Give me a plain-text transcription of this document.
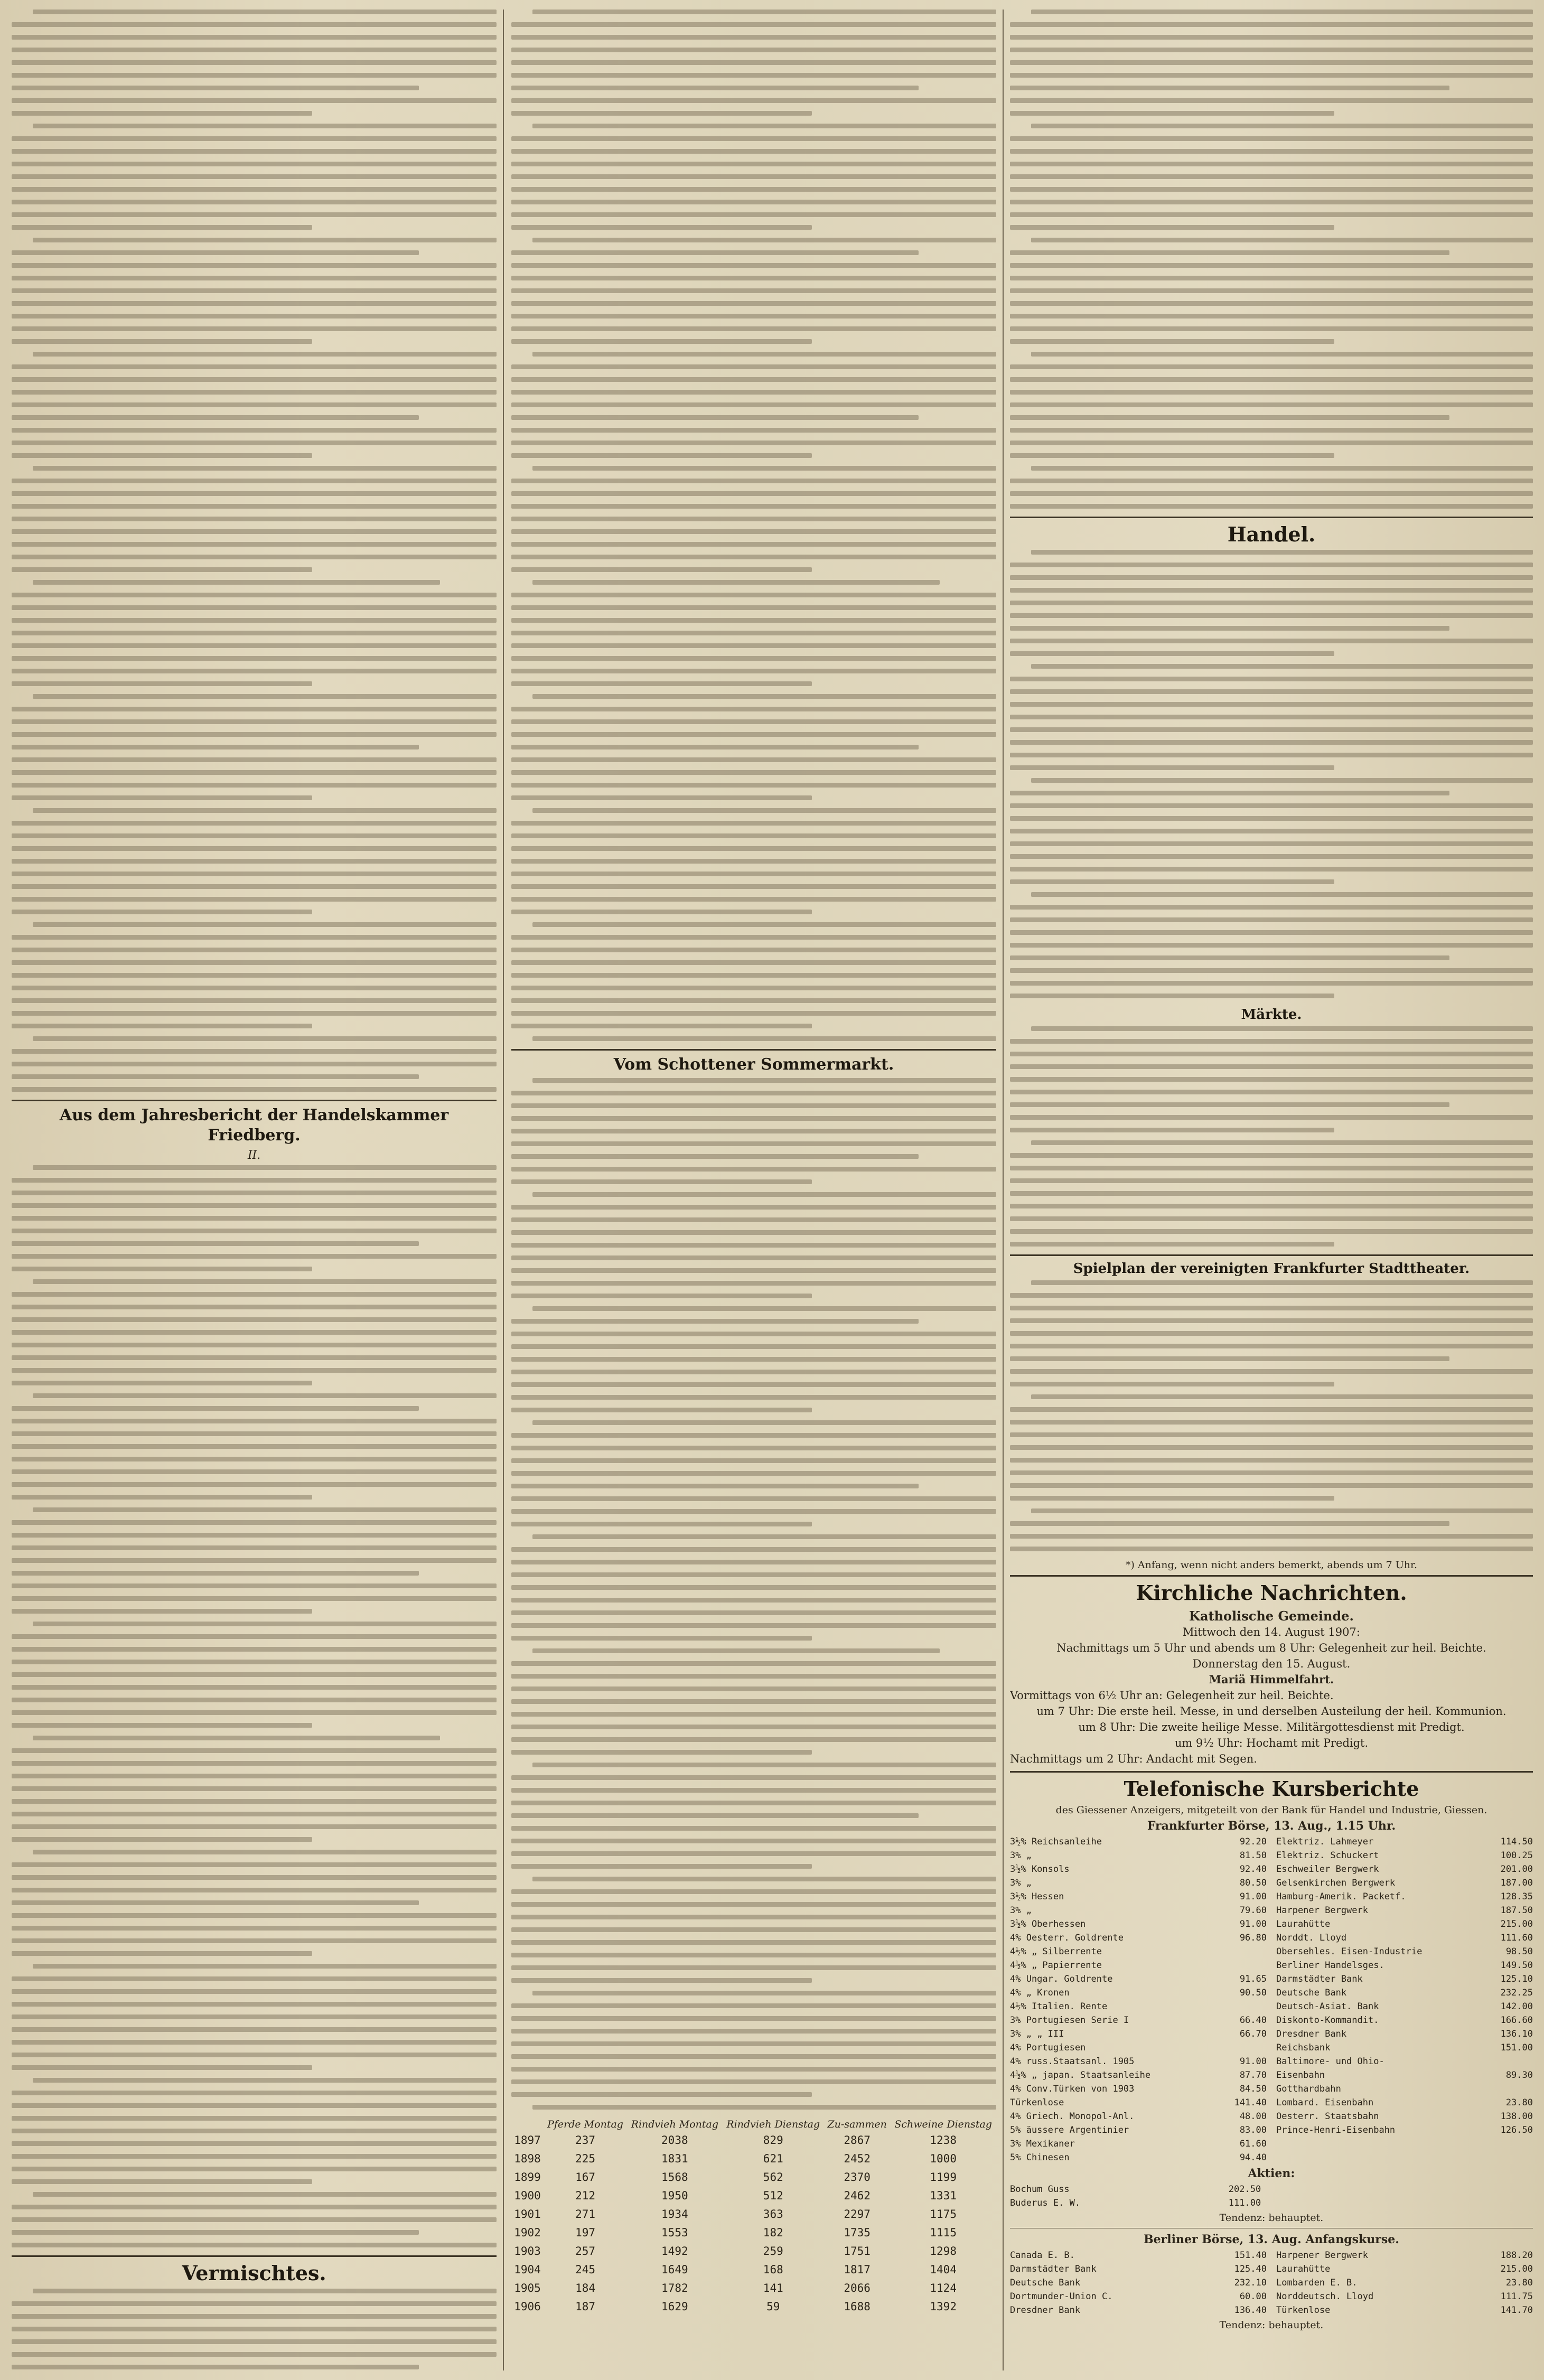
Aus dem Jahresbericht der Handelskammer Friedberg.
II.
Vermischtes.
Vom Schottener Sommermarkt.
	Pferde Montag	Rindvieh Montag	Rindvieh Dienstag	Zu-sammen	Schweine Dienstag
1897	237	2038	829	2867	1238
1898	225	1831	621	2452	1000
1899	167	1568	562	2370	1199
1900	212	1950	512	2462	1331
1901	271	1934	363	2297	1175
1902	197	1553	182	1735	1115
1903	257	1492	259	1751	1298
1904	245	1649	168	1817	1404
1905	184	1782	141	2066	1124
1906	187	1629	59	1688	1392
Handel.
Märkte.
Spielplan der vereinigten Frankfurter Stadttheater.
*) Anfang, wenn nicht anders bemerkt, abends um 7 Uhr.
Kirchliche Nachrichten.

Katholische Gemeinde.

Mittwoch den 14. August 1907:

Nachmittags um 5 Uhr und abends um 8 Uhr: Gelegenheit zur heil. Beichte.

Donnerstag den 15. August.

Mariä Himmelfahrt.

Vormittags von 6½ Uhr an: Gelegenheit zur heil. Beichte.

um 7 Uhr: Die erste heil. Messe, in und derselben Austeilung der heil. Kommunion.

um 8 Uhr: Die zweite heilige Messe. Militärgottesdienst mit Predigt.

um 9½ Uhr: Hochamt mit Predigt.

Nachmittags um 2 Uhr: Andacht mit Segen.

Telefonische Kursberichte
des Giessener Anzeigers, mitgeteilt von der Bank für Handel und Industrie, Giessen.
Frankfurter Börse, 13. Aug., 1.15 Uhr.
3½% Reichsanleihe	92.20
3% „	81.50
3½% Konsols	92.40
3% „	80.50
3½% Hessen	91.00
3% „	79.60
3½% Oberhessen	91.00
4% Oesterr. Goldrente	96.80
4½% „ Silberrente
4½% „ Papierrente
4% Ungar. Goldrente	91.65
4% „ Kronen	90.50
4½% Italien. Rente
3% Portugiesen Serie I	66.40
3% „ „ III	66.70
4% Portugiesen
4% russ.Staatsanl. 1905	91.00
4½% „ japan. Staatsanleihe	87.70
4% Conv.Türken von 1903	84.50
Türkenlose	141.40
4% Griech. Monopol-Anl.	48.00
5% äussere Argentinier	83.00
3% Mexikaner	61.60
5% Chinesen	94.40
Elektriz. Lahmeyer	114.50
Elektriz. Schuckert	100.25
Eschweiler Bergwerk	201.00
Gelsenkirchen Bergwerk	187.00
Hamburg-Amerik. Packetf.	128.35
Harpener Bergwerk	187.50
Laurahütte	215.00
Norddt. Lloyd	111.60
Obersehles. Eisen-Industrie	98.50
Berliner Handelsges.	149.50
Darmstädter Bank	125.10
Deutsche Bank	232.25
Deutsch-Asiat. Bank	142.00
Diskonto-Kommandit.	166.60
Dresdner Bank	136.10
Reichsbank	151.00
Baltimore- und Ohio-
Eisenbahn	89.30
Gotthardbahn
Lombard. Eisenbahn	23.80
Oesterr. Staatsbahn	138.00
Prince-Henri-Eisenbahn	126.50
Aktien:
Bochum Guss	202.50
Buderus E. W.	111.00
Tendenz: behauptet.
Berliner Börse, 13. Aug. Anfangskurse.
Canada E. B.	151.40
Darmstädter Bank	125.40
Deutsche Bank	232.10
Dortmunder-Union C.	60.00
Dresdner Bank	136.40
Harpener Bergwerk	188.20
Laurahütte	215.00
Lombarden E. B.	23.80
Norddeutsch. Lloyd	111.75
Türkenlose	141.70
Tendenz: behauptet.
